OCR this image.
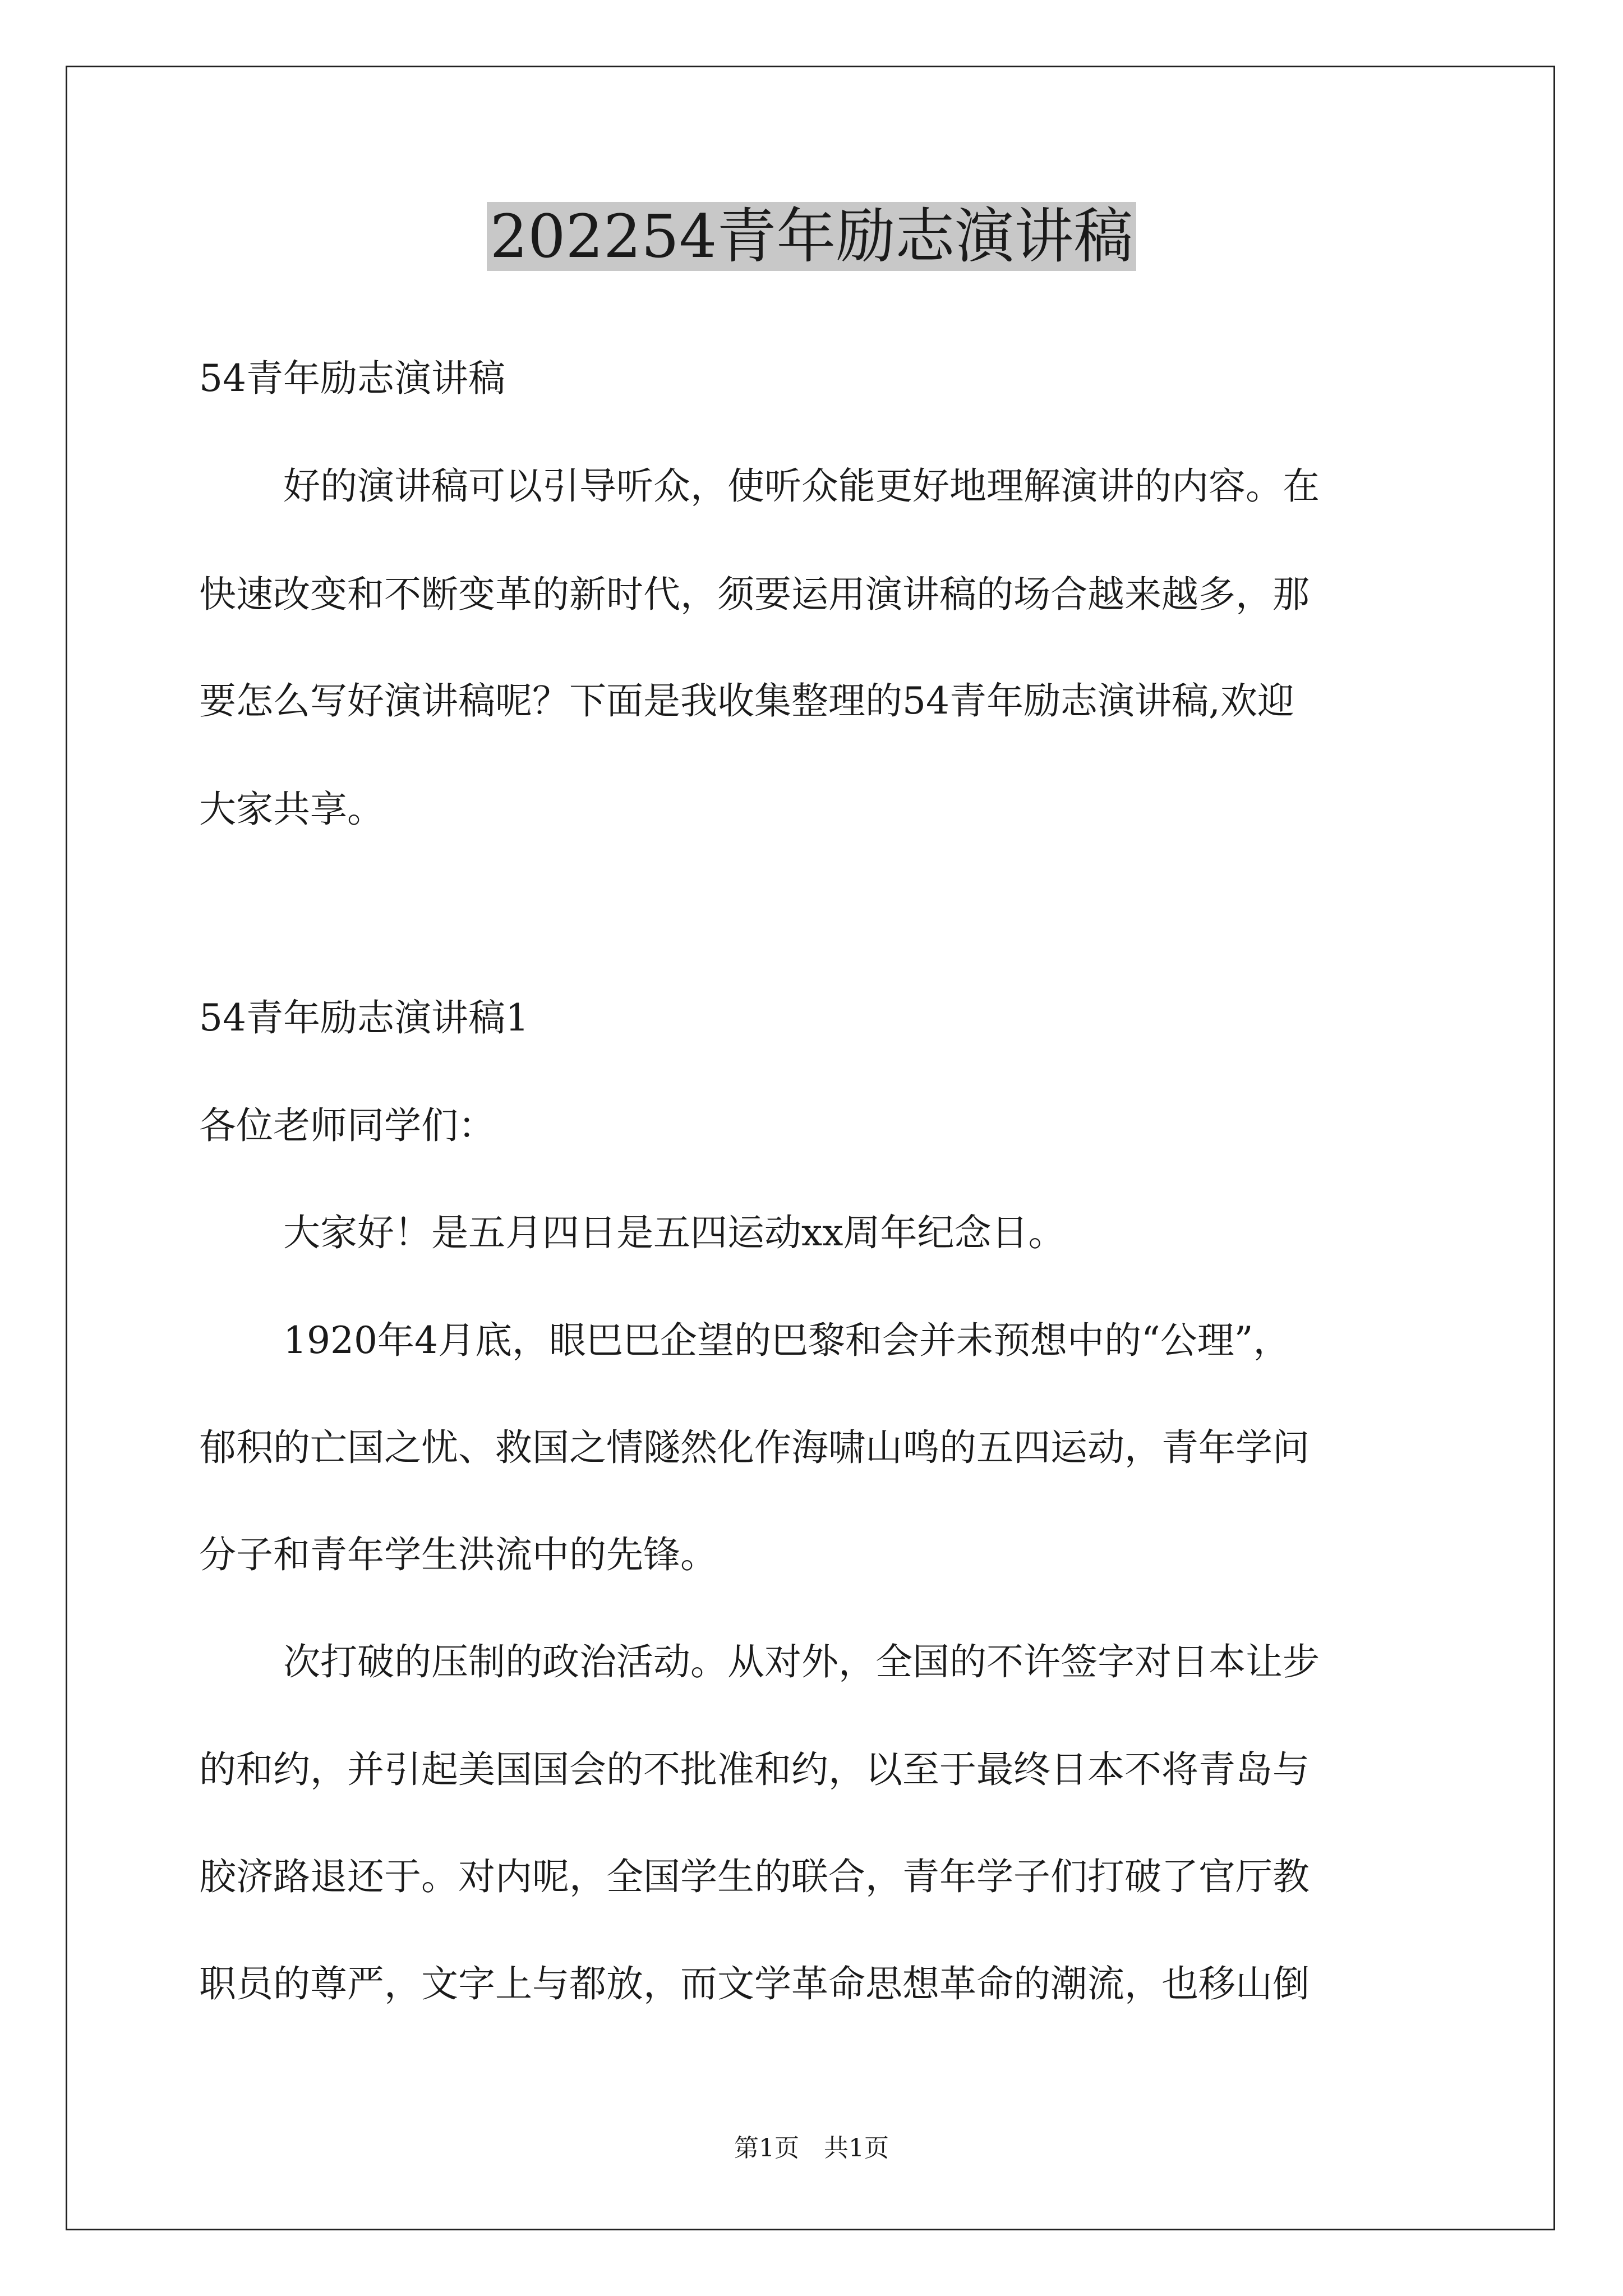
202254青年励志演讲稿
54青年励志演讲稿
好的演讲稿可以引导听众，使听众能更好地理解演讲的内容。在
快速改变和不断变革的新时代，须要运用演讲稿的场合越来越多，那
要怎么写好演讲稿呢？下面是我收集整理的54青年励志演讲稿,欢迎
大家共享。
54青年励志演讲稿1
各位老师同学们：
大家好！是五月四日是五四运动xx周年纪念日。
1920年4月底，眼巴巴企望的巴黎和会并未预想中的“公理”，
郁积的亡国之忧、救国之情隧然化作海啸山鸣的五四运动，青年学问
分子和青年学生洪流中的先锋。
次打破的压制的政治活动。从对外，全国的不许签字对日本让步
的和约，并引起美国国会的不批准和约，以至于最终日本不将青岛与
胶济路退还于。对内呢，全国学生的联合，青年学子们打破了官厅教
职员的尊严，文字上与都放，而文学革命思想革命的潮流，也移山倒
第1页　共1页
